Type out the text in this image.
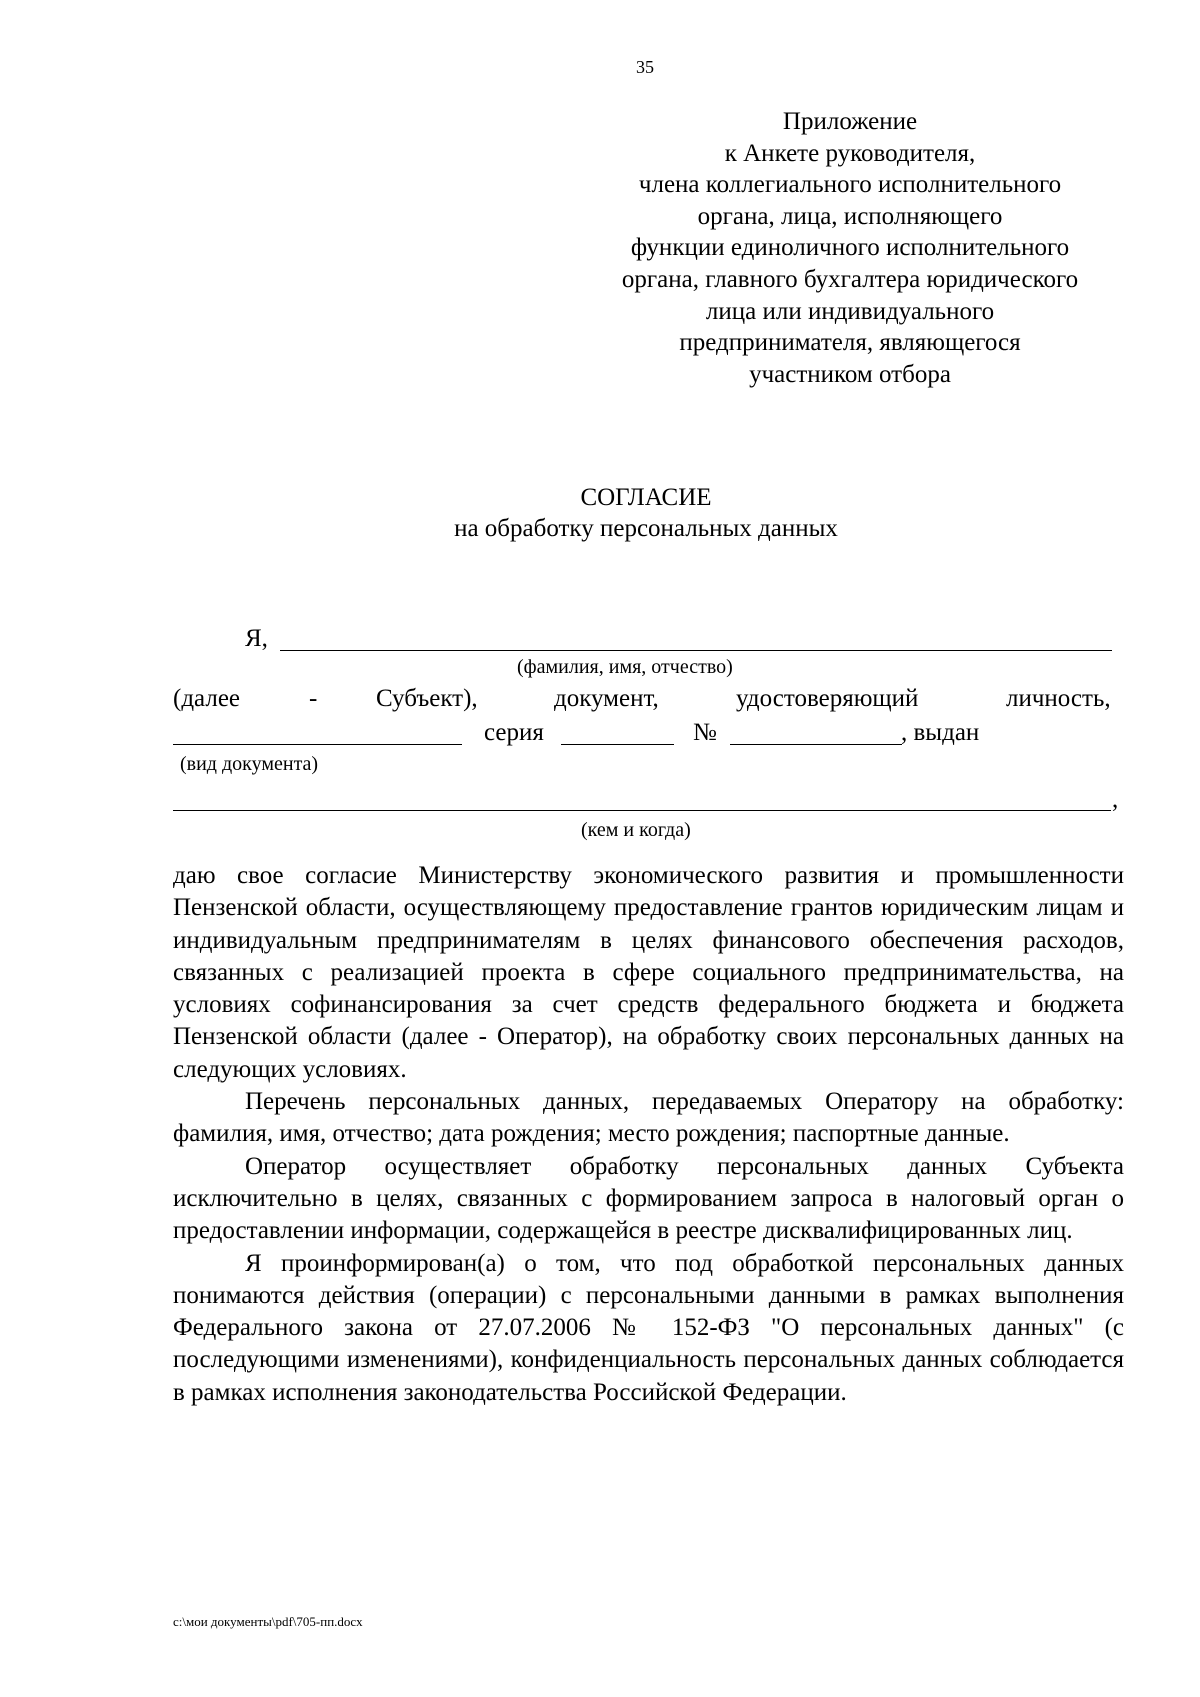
35
Приложение
к Анкете руководителя,
члена коллегиального исполнительного
органа, лица, исполняющего
функции единоличного исполнительного
органа, главного бухгалтера юридического
лица или индивидуального
предпринимателя, являющегося
участником отбора
СОГЛАСИЕ
на обработку персональных данных
Я,
(фамилия, имя, отчество)
(далее	- Субъект),	документ,	удостоверяющий	личность,
серия	№	, выдан
(вид документа)
,
(кем и когда)

даю свое согласие Министерству экономического развития и промышленности Пензенской области, осуществляющему предоставление грантов юридическим лицам и индивидуальным предпринимателям в целях финансового обеспечения расходов, связанных с реализацией проекта в сфере социального предпринимательства, на условиях софинансирования за счет средств федерального бюджета и бюджета Пензенской области (далее - Оператор), на обработку своих персональных данных на следующих условиях.

Перечень персональных данных, передаваемых Оператору на обработку: фамилия, имя, отчество; дата рождения; место рождения; паспортные данные.

Оператор осуществляет обработку персональных данных Субъекта исключительно в целях, связанных с формированием запроса в налоговый орган о предоставлении информации, содержащейся в реестре дисквалифицированных лиц.

Я проинформирован(а) о том, что под обработкой персональных данных понимаются действия (операции) с персональными данными в рамках выполнения Федерального закона от 27.07.2006 № 152-ФЗ "О персональных данных" (с последующими изменениями), конфиденциальность персональных данных соблюдается в рамках исполнения законодательства Российской Федерации.

c:\мои документы\pdf\705-пп.docx
